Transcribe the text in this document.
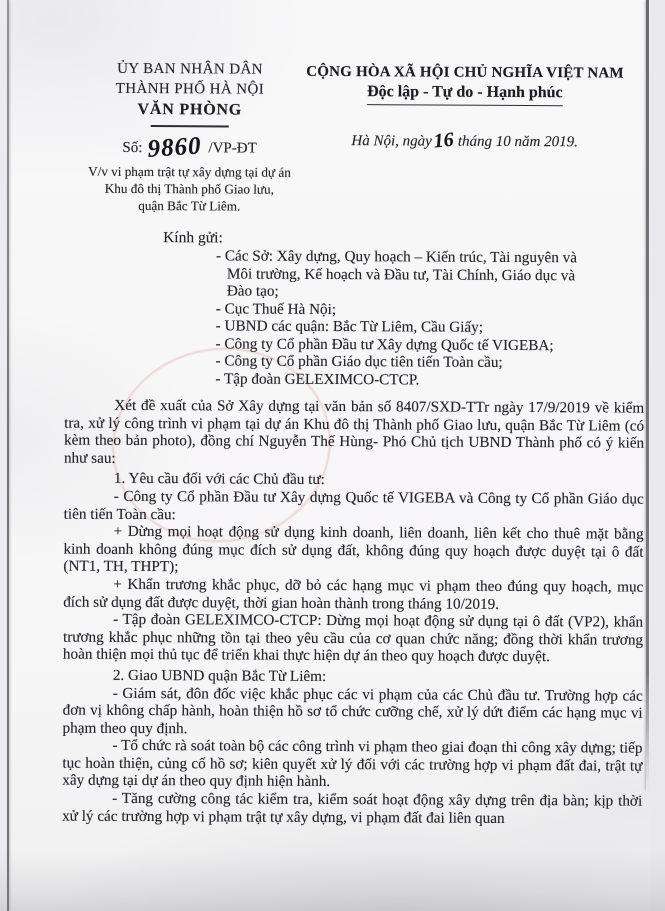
ỦY BAN NHÂN DÂN
THÀNH PHỐ HÀ NỘI
VĂN PHÒNG
Số: 9860 /VP-ĐT
V/v vi phạm trật tự xây dựng tại dự án
Khu đô thị Thành phố Giao lưu,
quận Bắc Từ Liêm.
CỘNG HÒA XÃ HỘI CHỦ NGHĨA VIỆT NAM
Độc lập - Tự do - Hạnh phúc
Hà Nội, ngày16 tháng 10 năm 2019.
Kính gửi:
- Các Sở: Xây dựng, Quy hoạch – Kiến trúc, Tài nguyên và Môi trường, Kế hoạch và Đầu tư, Tài Chính, Giáo dục và Đào tạo;
- Cục Thuế Hà Nội;
- UBND các quận: Bắc Từ Liêm, Cầu Giấy;
- Công ty Cổ phần Đầu tư Xây dựng Quốc tế VIGEBA;
- Công ty Cổ phần Giáo dục tiên tiến Toàn cầu;
- Tập đoàn GELEXIMCO-CTCP.

Xét đề xuất của Sở Xây dựng tại văn bản số 8407/SXD-TTr ngày 17/9/2019 về kiểm tra, xử lý công trình vi phạm tại dự án Khu đô thị Thành phố Giao lưu, quận Bắc Từ Liêm (có kèm theo bản photo), đồng chí Nguyễn Thế Hùng- Phó Chủ tịch UBND Thành phố có ý kiến như sau:

1. Yêu cầu đối với các Chủ đầu tư:

- Công ty Cổ phần Đầu tư Xây dựng Quốc tế VIGEBA và Công ty Cổ phần Giáo dục tiên tiến Toàn cầu:

+ Dừng mọi hoạt động sử dụng kinh doanh, liên doanh, liên kết cho thuê mặt bằng kinh doanh không đúng mục đích sử dụng đất, không đúng quy hoạch được duyệt tại ô đất (NT1, TH, THPT);

+ Khẩn trương khắc phục, dỡ bỏ các hạng mục vi phạm theo đúng quy hoạch, mục đích sử dụng đất được duyệt, thời gian hoàn thành trong tháng 10/2019.

- Tập đoàn GELEXIMCO-CTCP: Dừng mọi hoạt động sử dụng tại ô đất (VP2), khẩn trương khắc phục những tồn tại theo yêu cầu của cơ quan chức năng; đồng thời khẩn trương hoàn thiện mọi thủ tục để triển khai thực hiện dự án theo quy hoạch được duyệt.

2. Giao UBND quận Bắc Từ Liêm:

- Giám sát, đôn đốc việc khắc phục các vi phạm của các Chủ đầu tư. Trường hợp các đơn vị không chấp hành, hoàn thiện hồ sơ tổ chức cưỡng chế, xử lý dứt điểm các hạng mục vi phạm theo quy định.

- Tổ chức rà soát toàn bộ các công trình vi phạm theo giai đoạn thi công xây dựng; tiếp tục hoàn thiện, củng cố hồ sơ; kiên quyết xử lý đối với các trường hợp vi phạm đất đai, trật tự xây dựng tại dự án theo quy định hiện hành.

- Tăng cường công tác kiểm tra, kiểm soát hoạt động xây dựng trên địa bàn; kịp thời xử lý các trường hợp vi phạm trật tự xây dựng, vi phạm đất đai liên quan
